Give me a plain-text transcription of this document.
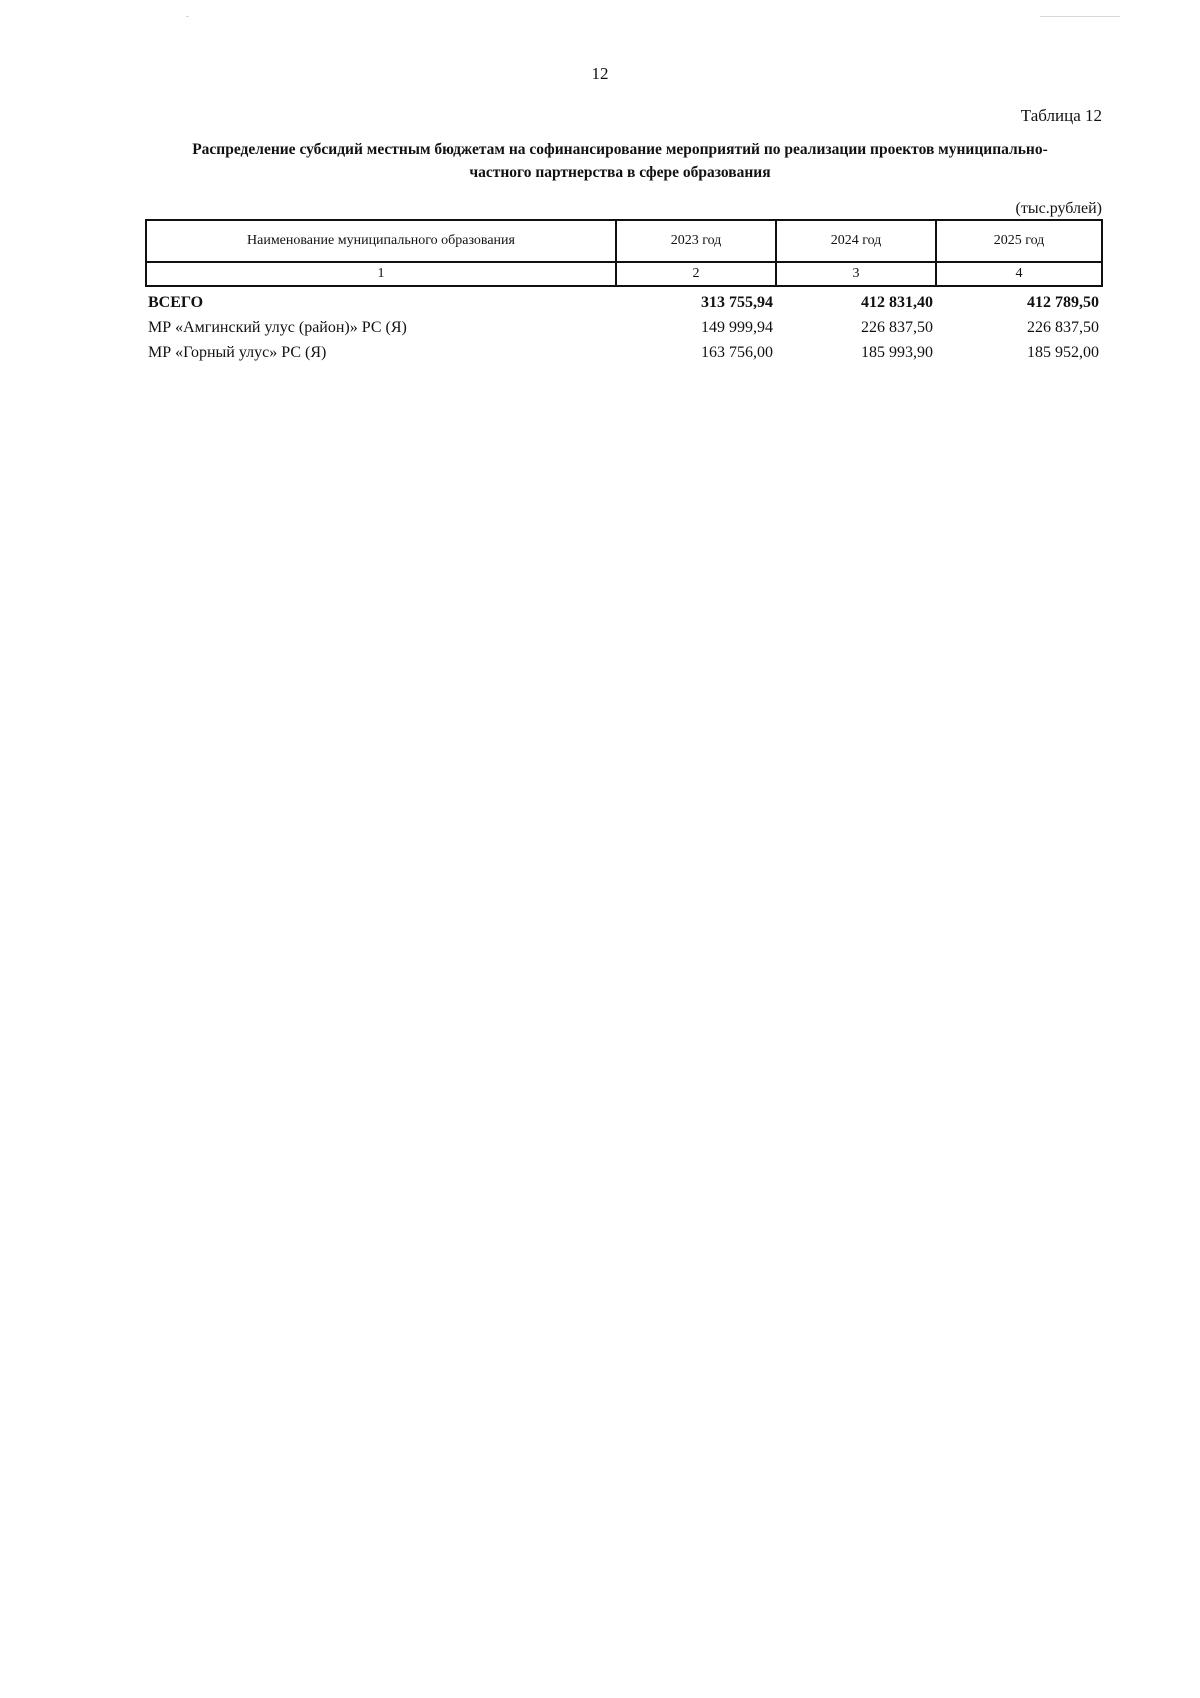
12
Таблица 12
Распределение субсидий местным бюджетам на софинансирование мероприятий по реализации проектов муниципально-
частного партнерства в сфере образования
(тыс.рублей)
Наименование муниципального образования	2023 год	2024 год	2025 год
1	2	3	4
ВСЕГО	313 755,94	412 831,40	412 789,50
МР «Амгинский улус (район)» РС (Я)	149 999,94	226 837,50	226 837,50
МР «Горный улус» РС (Я)	163 756,00	185 993,90	185 952,00
